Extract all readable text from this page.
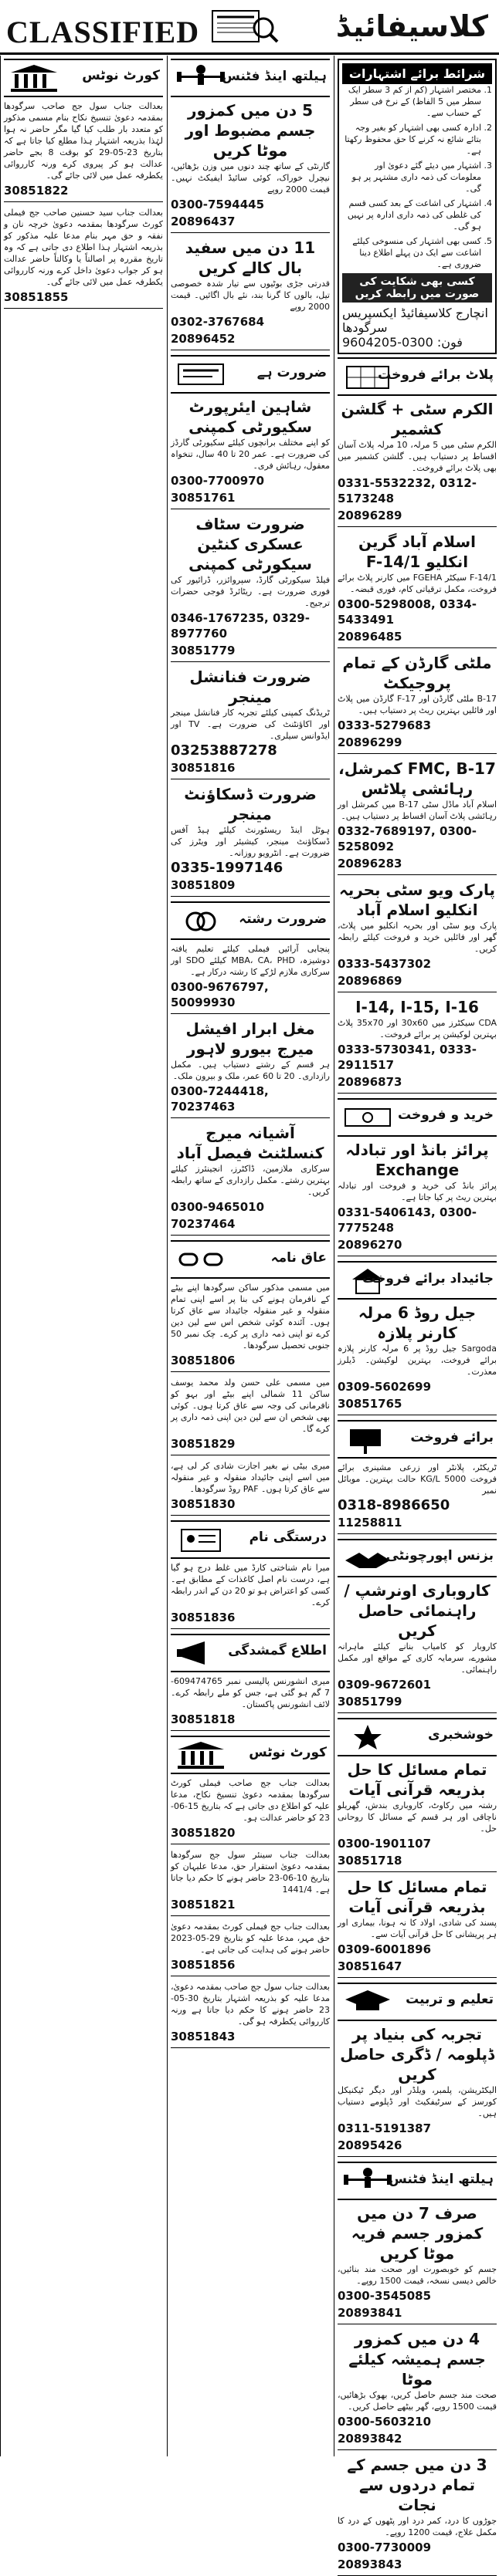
CLASSIFIED	کلاسیفائیڈ
کورٹ نوٹس
بعدالت جناب سول جج صاحب سرگودھا بمقدمہ دعویٰ تنسیخ نکاح بنام مسمی مذکور کو متعدد بار طلب کیا گیا مگر حاضر نہ ہوا لہٰذا بذریعہ اشتہار ہذا مطلع کیا جاتا ہے کہ بتاریخ 23-05-29 کو بوقت 8 بجے حاضر عدالت ہو کر پیروی کرے ورنہ کارروائی یکطرفہ عمل میں لائی جائے گی۔
30851822
بعدالت جناب سید حسنین صاحب جج فیملی کورٹ سرگودھا بمقدمہ دعویٰ خرچہ نان و نفقہ و حق مہر بنام مدعا علیہ مذکور کو بذریعہ اشتہار ہذا اطلاع دی جاتی ہے کہ وہ تاریخ مقررہ پر اصالتاً یا وکالتاً حاضر عدالت ہو کر جواب دعویٰ داخل کرے ورنہ کارروائی یکطرفہ عمل میں لائی جائے گی۔
30851855
ہیلتھ اینڈ فٹنس
5 دن میں کمزور جسم مضبوط اور موٹا کریں
گارنٹی کے ساتھ چند دنوں میں وزن بڑھائیں، نیچرل خوراک، کوئی سائیڈ ایفیکٹ نہیں۔ قیمت 2000 روپے
0300-7594445
20896437
11 دن میں سفید بال کالے کریں
قدرتی جڑی بوٹیوں سے تیار شدہ خصوصی تیل، بالوں کا گرنا بند، نئے بال اگائیں۔ قیمت 2000 روپے
0302-3767684
20896452
ضرورت ہے
شاہین ایئرپورٹ سکیورٹی کمپنی
کو اپنے مختلف برانچوں کیلئے سکیورٹی گارڈز کی ضرورت ہے۔ عمر 20 تا 40 سال، تنخواہ معقول، رہائش فری۔
0300-7700970
30851761
ضرورت سٹاف عسکری کنٹین سیکورٹی کمپنی
فیلڈ سیکورٹی گارڈ، سپروائزر، ڈرائیور کی فوری ضرورت ہے۔ ریٹائرڈ فوجی حضرات ترجیح۔
0346-1767235, 0329-8977760
30851779
ضرورت فنانشل مینجر
ٹریڈنگ کمپنی کیلئے تجربہ کار فنانشل مینجر اور اکاؤنٹنٹ کی ضرورت ہے۔ TV اور ایڈوانس سیلری۔
03253887278
30851816
ضرورت ڈسکاؤنٹ مینجر
ہوٹل اینڈ ریسٹورنٹ کیلئے ہیڈ آفس ڈسکاؤنٹ مینجر، کیشیئر اور ویٹرز کی ضرورت ہے۔ انٹرویو روزانہ۔
0335-1997146
30851809
ضرورت رشتہ
پنجابی آرائیں فیملی کیلئے تعلیم یافتہ دوشیزہ، MBA، CA، PHD کیلئے SDO اور سرکاری ملازم لڑکے کا رشتہ درکار ہے۔
0300-9676797, 50099930
مغل ابرار افیشل میرج بیورو لاہور
ہر قسم کے رشتے دستیاب ہیں۔ مکمل رازداری۔ 20 تا 60 عمر، ملک و بیرون ملک۔
0300-7244418, 70237463
آشیانہ میرج کنسلٹنٹ فیصل آباد
سرکاری ملازمین، ڈاکٹرز، انجینئرز کیلئے بہترین رشتے۔ مکمل رازداری کے ساتھ رابطہ کریں۔
0300-9465010
70237464
عاق نامہ
میں مسمی مذکور ساکن سرگودھا اپنے بیٹے کے نافرمان ہونے کی بنا پر اسے اپنی تمام منقولہ و غیر منقولہ جائیداد سے عاق کرتا ہوں۔ آئندہ کوئی شخص اس سے لین دین کرے تو اپنی ذمہ داری پر کرے۔ چک نمبر 50 جنوبی تحصیل سرگودھا۔
30851806
میں مسمی علی حسن ولد محمد یوسف ساکن 11 شمالی اپنے بیٹے اور بہو کو نافرمانی کی وجہ سے عاق کرتا ہوں۔ کوئی بھی شخص ان سے لین دین اپنی ذمہ داری پر کرے گا۔
30851829
میری بیٹی نے بغیر اجازت شادی کر لی ہے، میں اسے اپنی جائیداد منقولہ و غیر منقولہ سے عاق کرتا ہوں۔ PAF روڈ سرگودھا۔
30851830
درستگی نام
میرا نام شناختی کارڈ میں غلط درج ہو گیا ہے، درست نام اصل کاغذات کے مطابق ہے۔ کسی کو اعتراض ہو تو 20 دن کے اندر رابطہ کرے۔
30851836
اطلاع گمشدگی
میری انشورنس پالیسی نمبر 609474765-7 گم ہو گئی ہے، جس کو ملے رابطہ کرے۔ لائف انشورنس پاکستان۔
30851818
کورٹ نوٹس
بعدالت جناب جج صاحب فیملی کورٹ سرگودھا بمقدمہ دعویٰ تنسیخ نکاح، مدعا علیہ کو اطلاع دی جاتی ہے کہ بتاریخ 15-06-23 کو حاضر عدالت ہو۔
30851820
بعدالت جناب سینئر سول جج سرگودھا بمقدمہ دعویٰ استقرار حق، مدعا علیہان کو بتاریخ 10-06-23 حاضر ہونے کا حکم دیا جاتا ہے۔ 1441/4
30851821
بعدالت جناب جج فیملی کورٹ بمقدمہ دعویٰ حق مہر، مدعا علیہ کو بتاریخ 29-05-2023 حاضر ہونے کی ہدایت کی جاتی ہے۔
30851856
بعدالت جناب سول جج صاحب بمقدمہ دعویٰ، مدعا علیہ کو بذریعہ اشتہار بتاریخ 30-05-23 حاضر ہونے کا حکم دیا جاتا ہے ورنہ کارروائی یکطرفہ ہو گی۔
30851843
شرائط برائے اشتہارات
1. مختصر اشتہار (کم از کم 3 سطر ایک سطر میں 5 الفاظ) کے نرخ فی سطر کے حساب سے۔
2. ادارہ کسی بھی اشتہار کو بغیر وجہ بتائے شائع نہ کرنے کا حق محفوظ رکھتا ہے۔
3. اشتہار میں دیئے گئے دعویٰ اور معلومات کی ذمہ داری مشتہر پر ہو گی۔
4. اشتہار کی اشاعت کے بعد کسی قسم کی غلطی کی ذمہ داری ادارہ پر نہیں ہو گی۔
5. کسی بھی اشتہار کی منسوخی کیلئے اشاعت سے ایک دن پہلے اطلاع دینا ضروری ہے۔
کسی بھی شکایت کی صورت میں رابطہ کریں
انچارج کلاسیفائیڈ ایکسپریس سرگودھا
فون: 0300-9604205
پلاٹ برائے فروخت
الکرم سٹی + گلشن کشمیر
الکرم سٹی میں 5 مرلہ، 10 مرلہ پلاٹ آسان اقساط پر دستیاب ہیں۔ گلشن کشمیر میں بھی پلاٹ برائے فروخت۔
0331-5532232, 0312-5173248
20896289
اسلام آباد گرین انکلیو F-14/1
F-14/1 سیکٹر FGEHA میں کارنر پلاٹ برائے فروخت، مکمل ترقیاتی کام، فوری قبضہ۔
0300-5298008, 0334-5433491
20896485
ملٹی گارڈن کے تمام پروجیکٹ
B-17 ملٹی گارڈن اور F-17 گارڈن میں پلاٹ اور فائلیں بہترین ریٹ پر دستیاب ہیں۔
0333-5279683
20896299
FMC, B-17 کمرشل، رہائشی پلاٹس
اسلام آباد ماڈل سٹی B-17 میں کمرشل اور رہائشی پلاٹ آسان اقساط پر دستیاب ہیں۔
0332-7689197, 0300-5258092
20896283
پارک ویو سٹی بحریہ انکلیو اسلام آباد
پارک ویو سٹی اور بحریہ انکلیو میں پلاٹ، گھر اور فائلیں خرید و فروخت کیلئے رابطہ کریں۔
0333-5437302
20896869
I-14, I-15, I-16
CDA سیکٹرز میں 30x60 اور 35x70 پلاٹ بہترین لوکیشن پر برائے فروخت۔
0333-5730341, 0333-2911517
20896873
خرید و فروخت
پرائز بانڈ اور تبادلہ Exchange
پرائز بانڈ کی خرید و فروخت اور تبادلہ بہترین ریٹ پر کیا جاتا ہے۔
0331-5406143, 0300-7775248
20896270
جائیداد برائے فروخت
جیل روڈ 6 مرلہ کارنر پلازہ
Sargoda جیل روڈ پر 6 مرلہ کارنر پلازہ برائے فروخت، بہترین لوکیشن۔ ڈیلرز معذرت۔
0309-5602699
30851765
برائے فروخت
ٹریکٹر، پلانٹر اور زرعی مشینری برائے فروخت 5000 KG/L حالت بہترین۔ موبائل نمبر
0318-8986650
11258811
بزنس اپورچونٹی
کاروباری اونرشپ / راہنمائی حاصل کریں
کاروبار کو کامیاب بنانے کیلئے ماہرانہ مشورے، سرمایہ کاری کے مواقع اور مکمل راہنمائی۔
0309-9672601
30851799
خوشخبری
تمام مسائل کا حل بذریعہ قرآنی آیات
رشتہ میں رکاوٹ، کاروباری بندش، گھریلو ناچاقی اور ہر قسم کے مسائل کا روحانی حل۔
0300-1901107
30851718
تمام مسائل کا حل بذریعہ قرآنی آیات
پسند کی شادی، اولاد کا نہ ہونا، بیماری اور ہر پریشانی کا حل قرآنی آیات سے۔
0309-6001896
30851647
تعلیم و تربیت
تجربہ کی بنیاد پر ڈپلومہ / ڈگری حاصل کریں
الیکٹریشن، پلمبر، ویلڈر اور دیگر ٹیکنیکل کورسز کے سرٹیفکیٹ اور ڈپلومے دستیاب ہیں۔
0311-5191387
20895426
ہیلتھ اینڈ فٹنس
صرف 7 دن میں کمزور جسم فریہ موٹا کریں
جسم کو خوبصورت اور صحت مند بنائیں، خالص دیسی نسخہ، قیمت 1500 روپے۔
0300-3545085
20893841
4 دن میں کمزور جسم ہمیشہ کیلئے موٹا
صحت مند جسم حاصل کریں، بھوک بڑھائیں، قیمت 1500 روپے، گھر بیٹھے حاصل کریں۔
0300-5603210
20893842
3 دن میں جسم کے تمام دردوں سے نجات
جوڑوں کا درد، کمر درد اور پٹھوں کے درد کا مکمل علاج، قیمت 1200 روپے۔
0300-7730009
20893843
